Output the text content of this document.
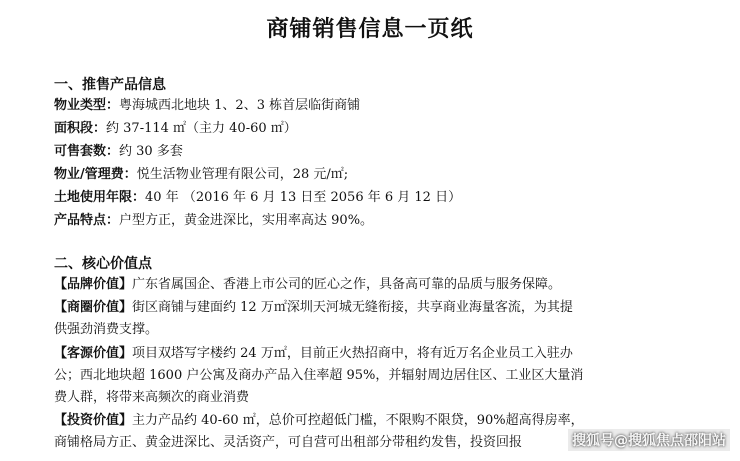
商铺销售信息一页纸
一、推售产品信息
物业类型：粤海城西北地块 1、2、3 栋首层临街商铺
面积段：约 37-114 ㎡（主力 40-60 ㎡）
可售套数：约 30 多套
物业/管理费：悦生活物业管理有限公司，28 元/㎡;
土地使用年限：40 年 （2016 年 6 月 13 日至 2056 年 6 月 12 日）
产品特点：户型方正，黄金进深比，实用率高达 90%。
二、核心价值点
【品牌价值】广东省属国企、香港上市公司的匠心之作，具备高可靠的品质与服务保障。
【商圈价值】街区商铺与建面约 12 万㎡深圳天河城无缝衔接，共享商业海量客流，为其提
供强劲消费支撑。
【客源价值】项目双塔写字楼约 24 万㎡，目前正火热招商中，将有近万名企业员工入驻办
公；西北地块超 1600 户公寓及商办产品入住率超 95%，并辐射周边居住区、工业区大量消
费人群，将带来高频次的商业消费
【投资价值】主力产品约 40-60 ㎡，总价可控超低门槛，不限购不限贷，90%超高得房率，
商铺格局方正、黄金进深比、灵活资产，可自营可出租部分带租约发售，投资回报	搜狐号@搜狐焦点邵阳站
